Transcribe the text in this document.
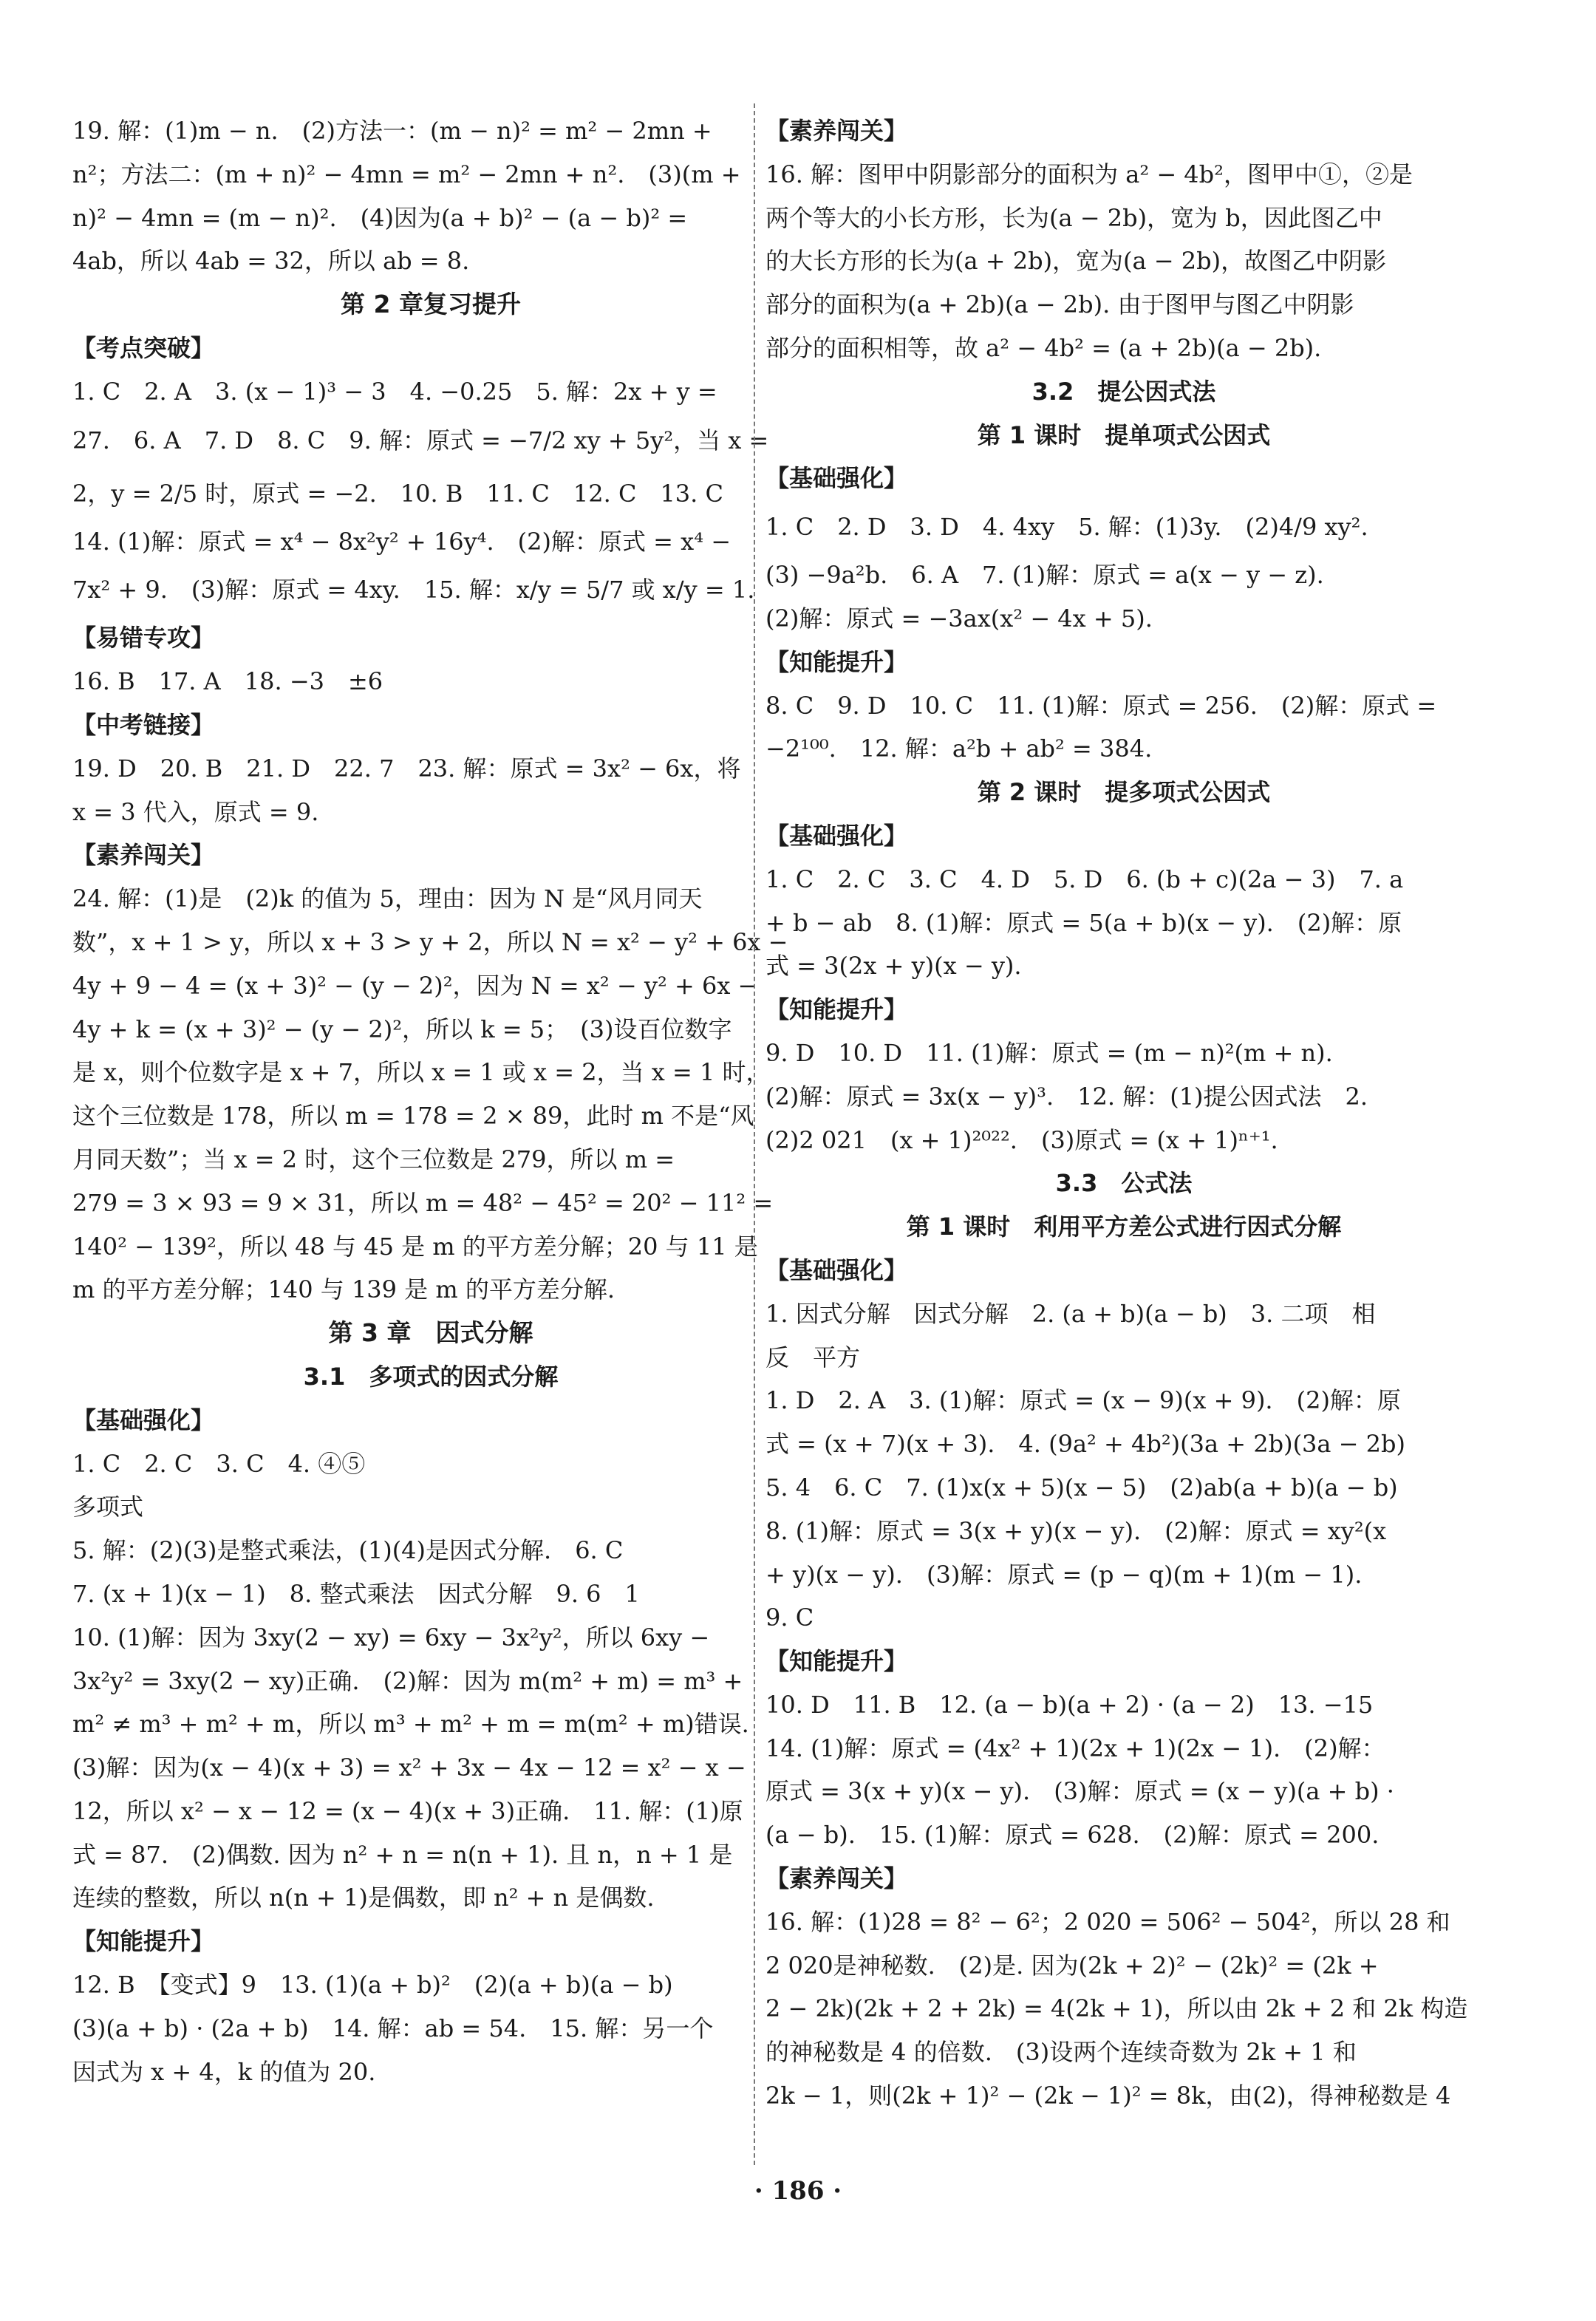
19. 解：(1)m − n.　(2)方法一：(m − n)² = m² − 2mn +
n²；方法二：(m + n)² − 4mn = m² − 2mn + n².　(3)(m +
n)² − 4mn = (m − n)².　(4)因为(a + b)² − (a − b)² =
4ab，所以 4ab = 32，所以 ab = 8.
第 2 章复习提升
【考点突破】
1. C　2. A　3. (x − 1)³ − 3　4. −0.25　5. 解：2x + y =
27.　6. A　7. D　8. C　9. 解：原式 = −7/2 xy + 5y²，当 x =
2，y = 2/5 时，原式 = −2.　10. B　11. C　12. C　13. C
14. (1)解：原式 = x⁴ − 8x²y² + 16y⁴.　(2)解：原式 = x⁴ −
7x² + 9.　(3)解：原式 = 4xy.　15. 解：x/y = 5/7 或 x/y = 1.
【易错专攻】
16. B　17. A　18. −3　±6
【中考链接】
19. D　20. B　21. D　22. 7　23. 解：原式 = 3x² − 6x，将
x = 3 代入，原式 = 9.
【素养闯关】
24. 解：(1)是　(2)k 的值为 5，理由：因为 N 是“风月同天
数”，x + 1 > y，所以 x + 3 > y + 2，所以 N = x² − y² + 6x −
4y + 9 − 4 = (x + 3)² − (y − 2)²，因为 N = x² − y² + 6x −
4y + k = (x + 3)² − (y − 2)²，所以 k = 5；　(3)设百位数字
是 x，则个位数字是 x + 7，所以 x = 1 或 x = 2，当 x = 1 时，
这个三位数是 178，所以 m = 178 = 2 × 89，此时 m 不是“风
月同天数”；当 x = 2 时，这个三位数是 279，所以 m =
279 = 3 × 93 = 9 × 31，所以 m = 48² − 45² = 20² − 11² =
140² − 139²，所以 48 与 45 是 m 的平方差分解；20 与 11 是
m 的平方差分解；140 与 139 是 m 的平方差分解.
第 3 章　因式分解
3.1　多项式的因式分解
【基础强化】
1. C　2. C　3. C　4. ④⑤
多项式
5. 解：(2)(3)是整式乘法，(1)(4)是因式分解.　6. C
7. (x + 1)(x − 1)　8. 整式乘法　因式分解　9. 6　1
10. (1)解：因为 3xy(2 − xy) = 6xy − 3x²y²，所以 6xy −
3x²y² = 3xy(2 − xy)正确.　(2)解：因为 m(m² + m) = m³ +
m² ≠ m³ + m² + m，所以 m³ + m² + m = m(m² + m)错误.
(3)解：因为(x − 4)(x + 3) = x² + 3x − 4x − 12 = x² − x −
12，所以 x² − x − 12 = (x − 4)(x + 3)正确.　11. 解：(1)原
式 = 87.　(2)偶数. 因为 n² + n = n(n + 1). 且 n，n + 1 是
连续的整数，所以 n(n + 1)是偶数，即 n² + n 是偶数.
【知能提升】
12. B　【变式】9　13. (1)(a + b)²　(2)(a + b)(a − b)
(3)(a + b) · (2a + b)　14. 解：ab = 54.　15. 解：另一个
因式为 x + 4，k 的值为 20.
【素养闯关】
16. 解：图甲中阴影部分的面积为 a² − 4b²，图甲中①，②是
两个等大的小长方形，长为(a − 2b)，宽为 b，因此图乙中
的大长方形的长为(a + 2b)，宽为(a − 2b)，故图乙中阴影
部分的面积为(a + 2b)(a − 2b). 由于图甲与图乙中阴影
部分的面积相等，故 a² − 4b² = (a + 2b)(a − 2b).
3.2　提公因式法
第 1 课时　提单项式公因式
【基础强化】
1. C　2. D　3. D　4. 4xy　5. 解：(1)3y.　(2)4/9 xy².
(3) −9a²b.　6. A　7. (1)解：原式 = a(x − y − z).
(2)解：原式 = −3ax(x² − 4x + 5).
【知能提升】
8. C　9. D　10. C　11. (1)解：原式 = 256.　(2)解：原式 =
−2¹⁰⁰.　12. 解：a²b + ab² = 384.
第 2 课时　提多项式公因式
【基础强化】
1. C　2. C　3. C　4. D　5. D　6. (b + c)(2a − 3)　7. a
+ b − ab　8. (1)解：原式 = 5(a + b)(x − y).　(2)解：原
式 = 3(2x + y)(x − y).
【知能提升】
9. D　10. D　11. (1)解：原式 = (m − n)²(m + n).
(2)解：原式 = 3x(x − y)³.　12. 解：(1)提公因式法　2.
(2)2 021　(x + 1)²⁰²².　(3)原式 = (x + 1)ⁿ⁺¹.
3.3　公式法
第 1 课时　利用平方差公式进行因式分解
【基础强化】
1. 因式分解　因式分解　2. (a + b)(a − b)　3. 二项　相
反　平方
1. D　2. A　3. (1)解：原式 = (x − 9)(x + 9).　(2)解：原
式 = (x + 7)(x + 3).　4. (9a² + 4b²)(3a + 2b)(3a − 2b)
5. 4　6. C　7. (1)x(x + 5)(x − 5)　(2)ab(a + b)(a − b)
8. (1)解：原式 = 3(x + y)(x − y).　(2)解：原式 = xy²(x
+ y)(x − y).　(3)解：原式 = (p − q)(m + 1)(m − 1).
9. C
【知能提升】
10. D　11. B　12. (a − b)(a + 2) · (a − 2)　13. −15
14. (1)解：原式 = (4x² + 1)(2x + 1)(2x − 1).　(2)解：
原式 = 3(x + y)(x − y).　(3)解：原式 = (x − y)(a + b) ·
(a − b).　15. (1)解：原式 = 628.　(2)解：原式 = 200.
【素养闯关】
16. 解：(1)28 = 8² − 6²；2 020 = 506² − 504²，所以 28 和
2 020是神秘数.　(2)是. 因为(2k + 2)² − (2k)² = (2k +
2 − 2k)(2k + 2 + 2k) = 4(2k + 1)，所以由 2k + 2 和 2k 构造
的神秘数是 4 的倍数.　(3)设两个连续奇数为 2k + 1 和
2k − 1，则(2k + 1)² − (2k − 1)² = 8k，由(2)，得神秘数是 4
· 186 ·
